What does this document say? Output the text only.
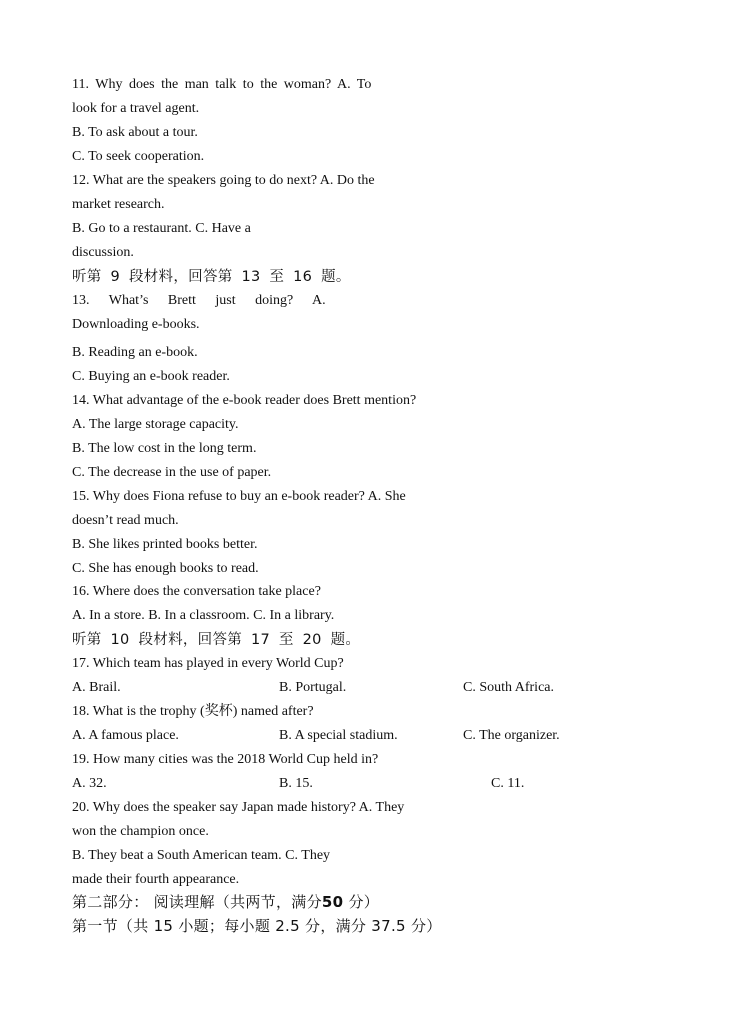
11. Why does the man talk to the woman? A. To
look for a travel agent.
B. To ask about a tour.
C. To seek cooperation.
12. What are the speakers going to do next? A. Do the
market research.
B. Go to a restaurant. C. Have a
discussion.
听第 9 段材料，回答第 13 至 16 题。
13. What’s Brett just doing? A.
Downloading e-books.
B. Reading an e-book.
C. Buying an e-book reader.
14. What advantage of the e-book reader does Brett mention?
A. The large storage capacity.
B. The low cost in the long term.
C. The decrease in the use of paper.
15. Why does Fiona refuse to buy an e-book reader? A. She
doesn’t read much.
B. She likes printed books better.
C. She has enough books to read.
16. Where does the conversation take place?
A. In a store. B. In a classroom. C. In a library.
听第 10 段材料，回答第 17 至 20 题。
17. Which team has played in every World Cup?
A. Brail.	B. Portugal.	C. South Africa.
18. What is the trophy (奖杯) named after?
A. A famous place.	B. A special stadium.	C. The organizer.
19. How many cities was the 2018 World Cup held in?
A. 32.	B. 15.	C. 11.
20. Why does the speaker say Japan made history? A. They
won the champion once.
B. They beat a South American team. C. They
made their fourth appearance.
第二部分： 阅读理解（共两节，满分50 分）
第一节（共 15 小题；每小题 2.5 分，满分 37.5 分）
